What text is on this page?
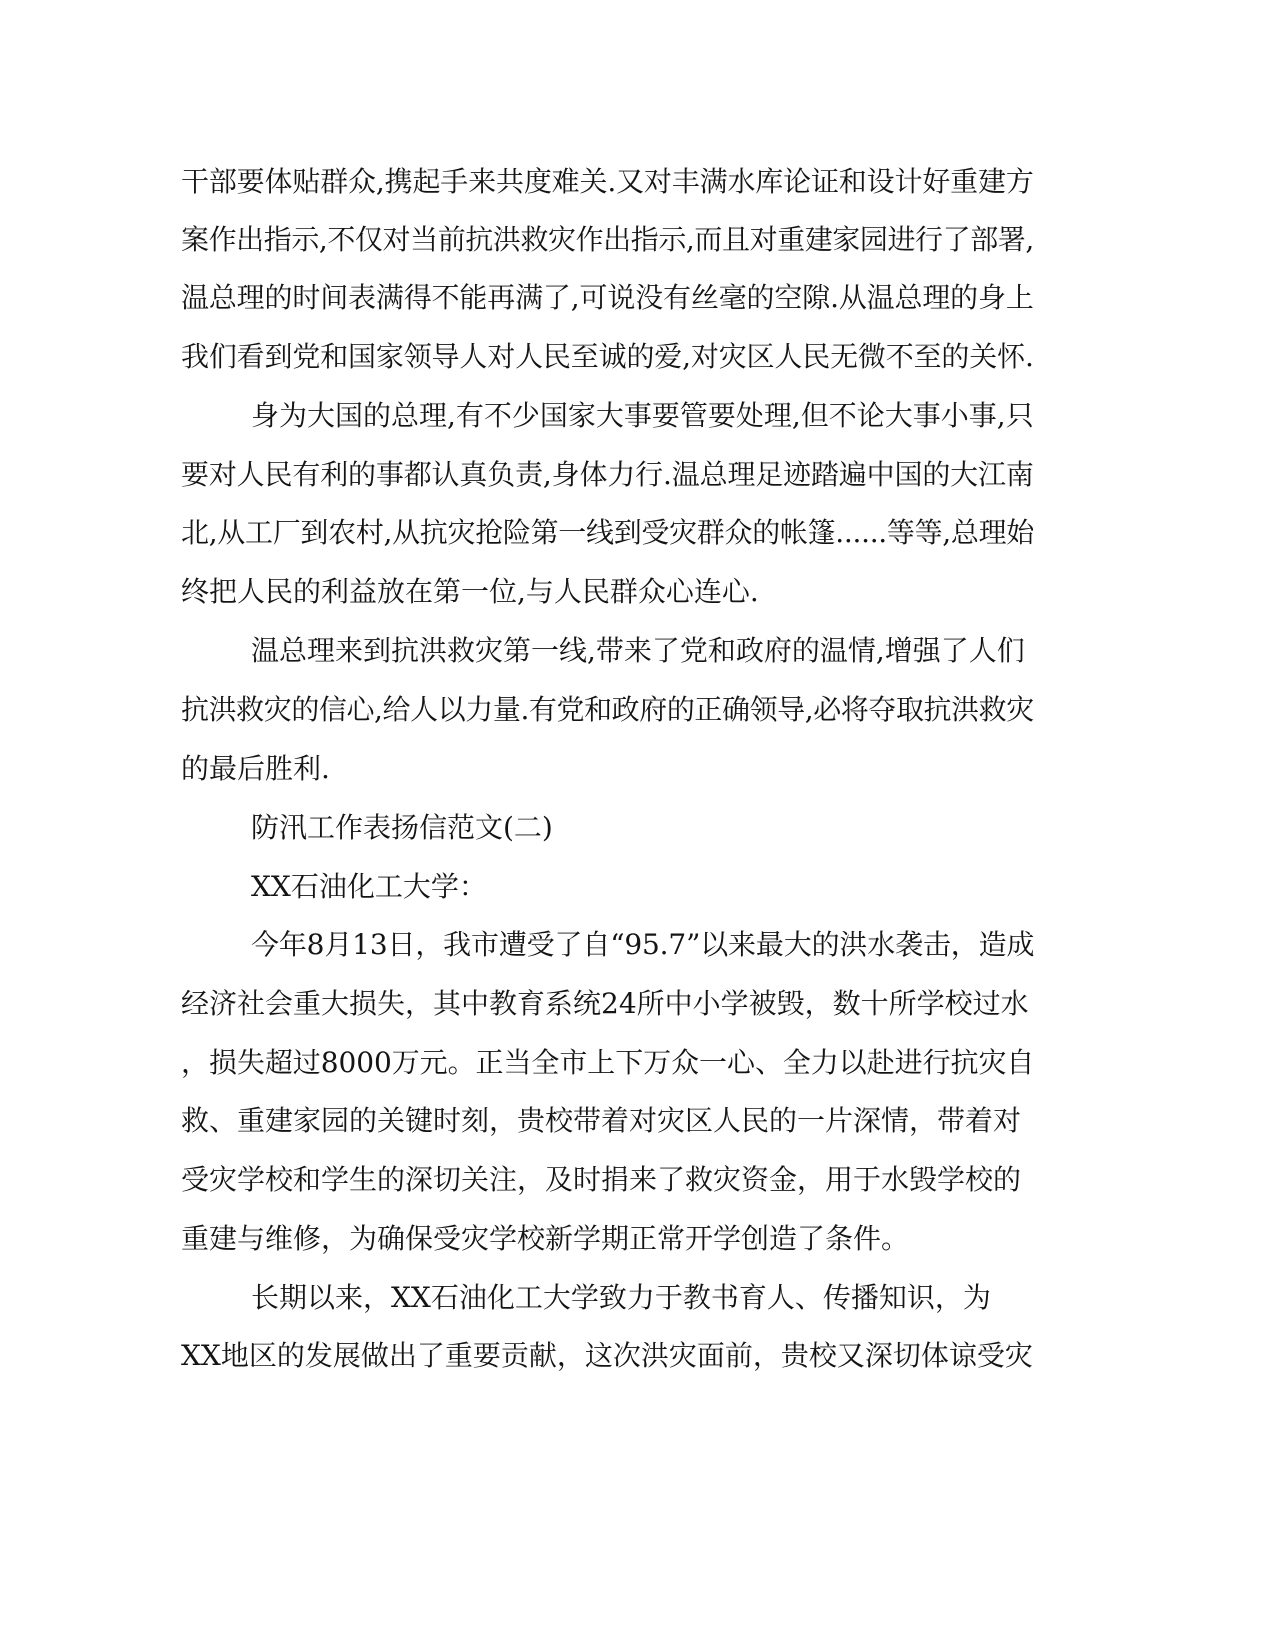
干部要体贴群众,携起手来共度难关.又对丰满水库论证和设计好重建方
案作出指示,不仅对当前抗洪救灾作出指示,而且对重建家园进行了部署,
温总理的时间表满得不能再满了,可说没有丝毫的空隙.从温总理的身上
我们看到党和国家领导人对人民至诚的爱,对灾区人民无微不至的关怀.
身为大国的总理,有不少国家大事要管要处理,但不论大事小事,只
要对人民有利的事都认真负责,身体力行.温总理足迹踏遍中国的大江南
北,从工厂到农村,从抗灾抢险第一线到受灾群众的帐篷......等等,总理始
终把人民的利益放在第一位,与人民群众心连心.
温总理来到抗洪救灾第一线,带来了党和政府的温情,增强了人们
抗洪救灾的信心,给人以力量.有党和政府的正确领导,必将夺取抗洪救灾
的最后胜利.
防汛工作表扬信范文(二)
XX石油化工大学：
今年8月13日，我市遭受了自“95.7”以来最大的洪水袭击，造成
经济社会重大损失，其中教育系统24所中小学被毁，数十所学校过水
，损失超过8000万元。正当全市上下万众一心、全力以赴进行抗灾自
救、重建家园的关键时刻，贵校带着对灾区人民的一片深情，带着对
受灾学校和学生的深切关注，及时捐来了救灾资金，用于水毁学校的
重建与维修，为确保受灾学校新学期正常开学创造了条件。
长期以来，XX石油化工大学致力于教书育人、传播知识，为
XX地区的发展做出了重要贡献，这次洪灾面前，贵校又深切体谅受灾
